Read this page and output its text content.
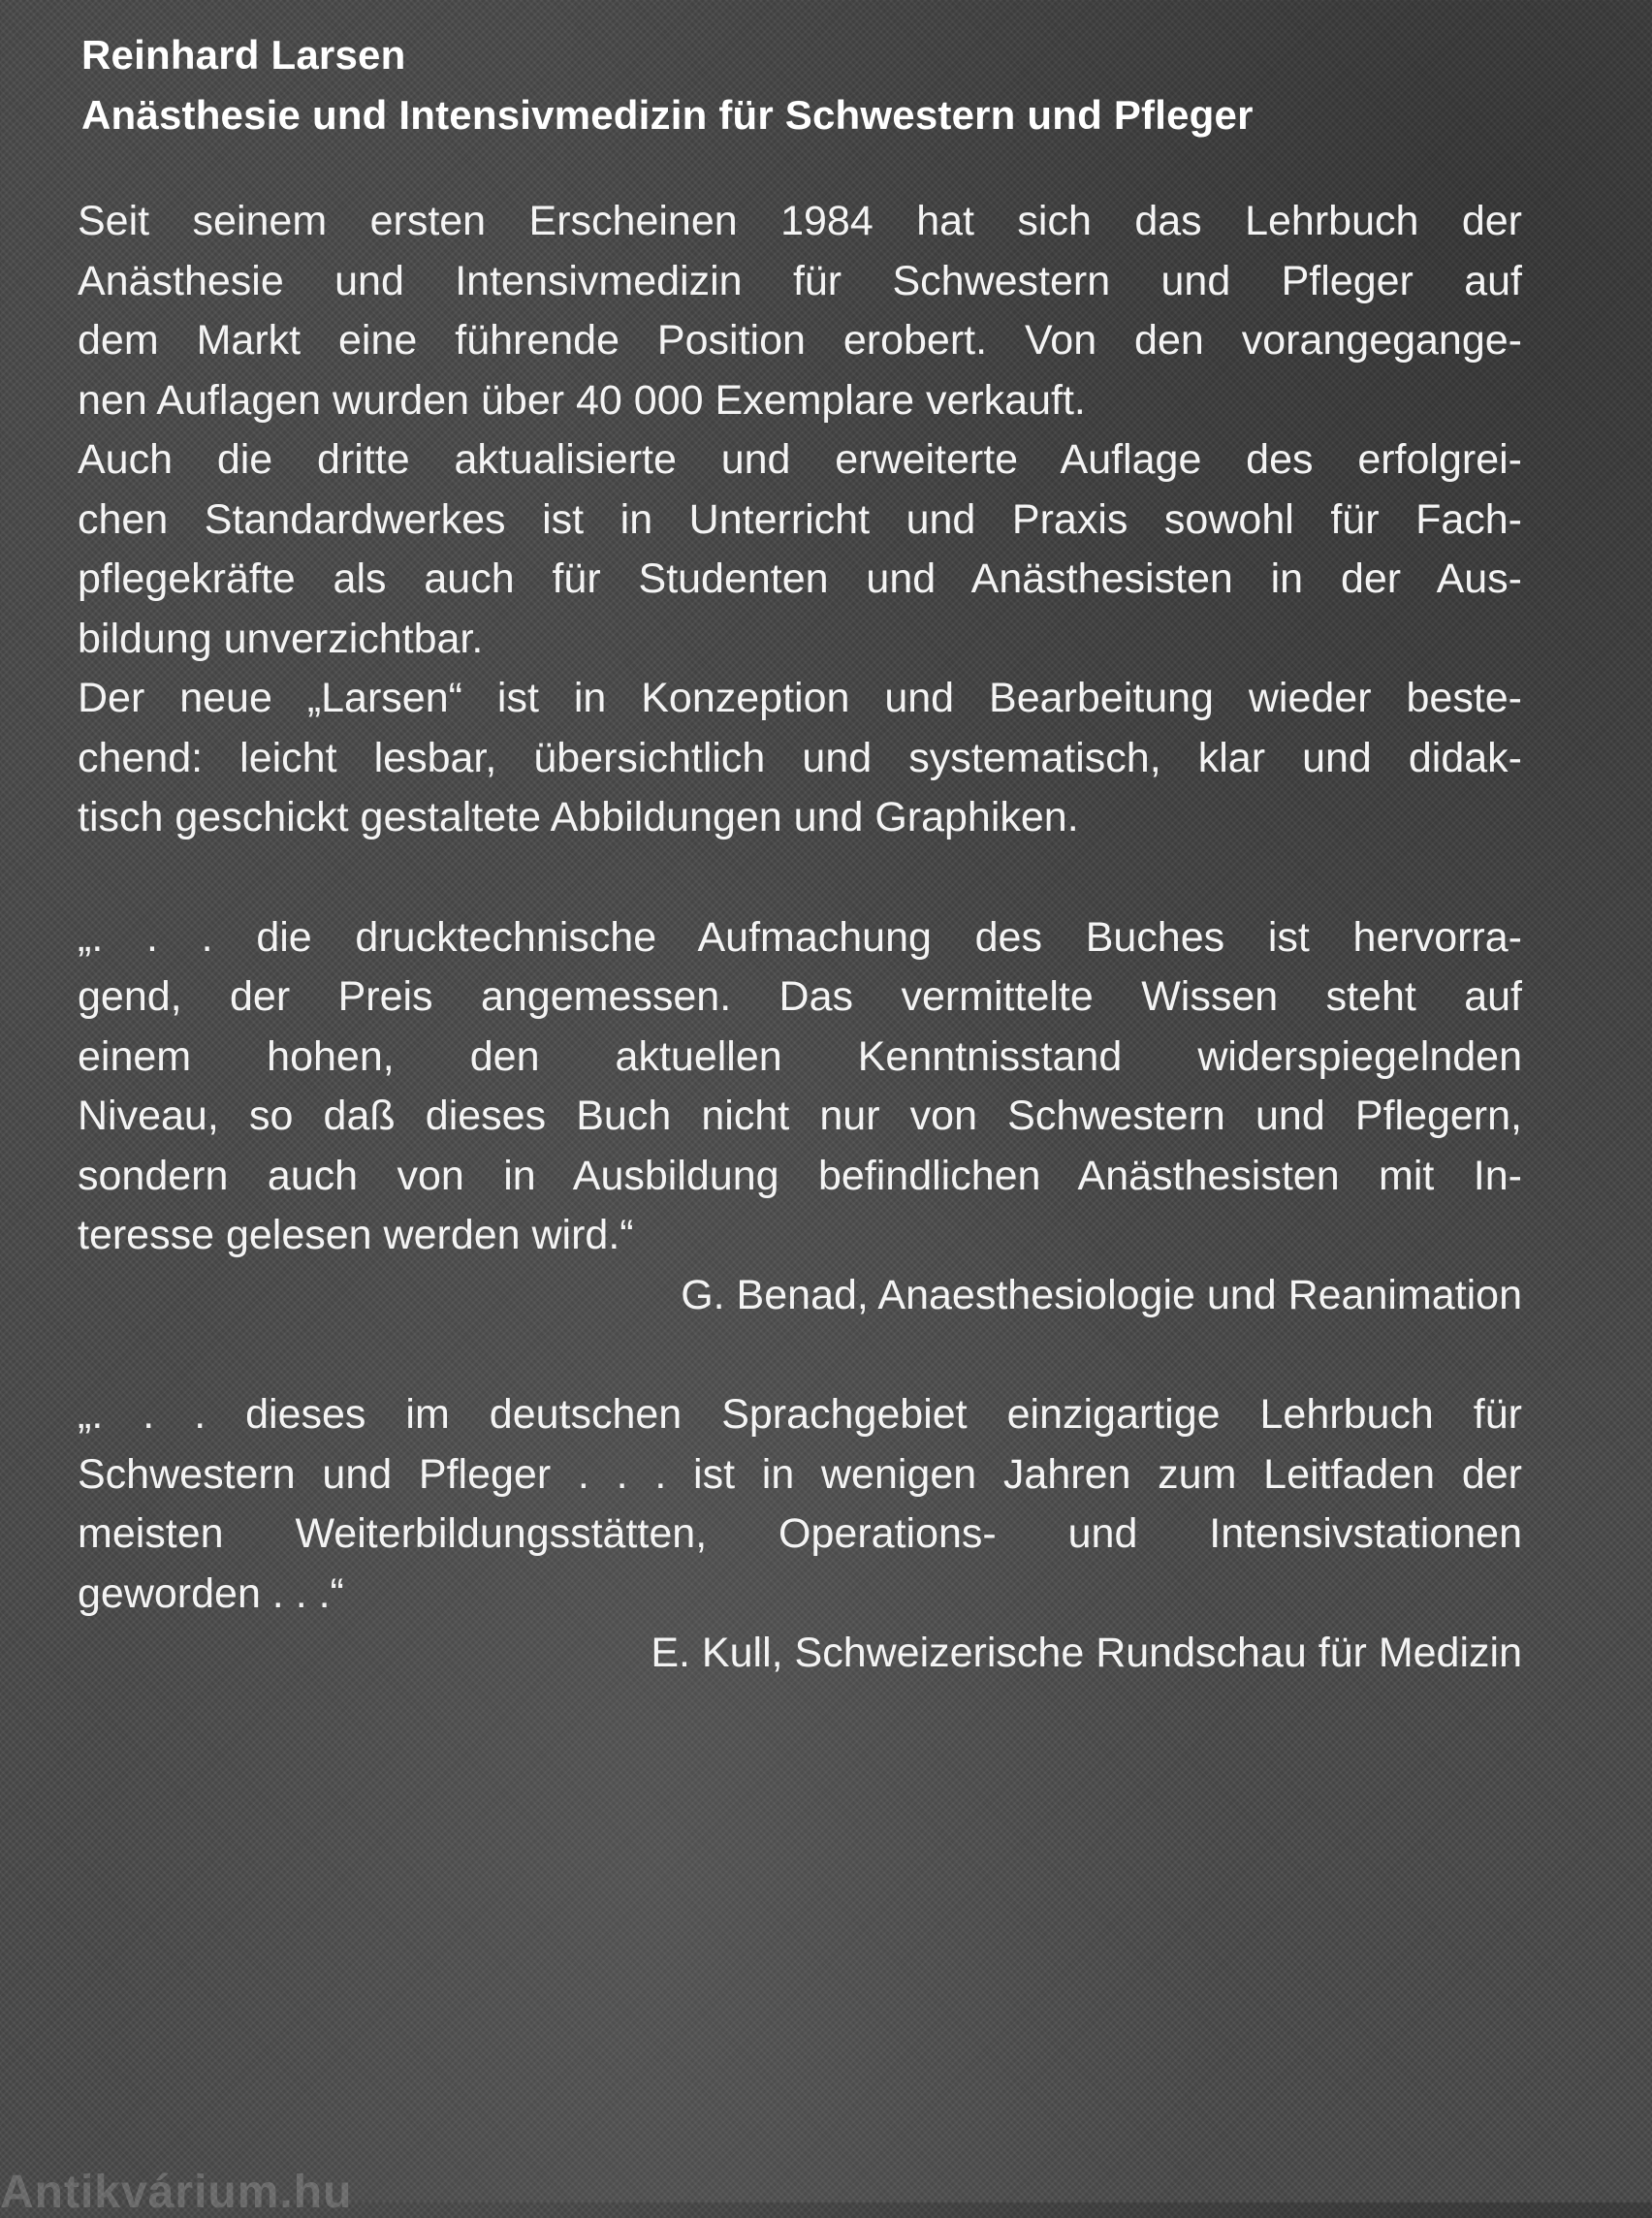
Reinhard Larsen
Anästhesie und Intensivmedizin für Schwestern und Pfleger

Seit seinem ersten Erscheinen 1984 hat sich das Lehrbuch der
Anästhesie und Intensivmedizin für Schwestern und Pfleger auf
dem Markt eine führende Position erobert. Von den vorangegange-
nen Auflagen wurden über 40 000 Exemplare verkauft.

Auch die dritte aktualisierte und erweiterte Auflage des erfolgrei-
chen Standardwerkes ist in Unterricht und Praxis sowohl für Fach-
pflegekräfte als auch für Studenten und Anästhesisten in der Aus-
bildung unverzichtbar.

Der neue „Larsen“ ist in Konzeption und Bearbeitung wieder beste-
chend: leicht lesbar, übersichtlich und systematisch, klar und didak-
tisch geschickt gestaltete Abbildungen und Graphiken.

„. . . die drucktechnische Aufmachung des Buches ist hervorra-
gend, der Preis angemessen. Das vermittelte Wissen steht auf
einem hohen, den aktuellen Kenntnisstand widerspiegelnden
Niveau, so daß dieses Buch nicht nur von Schwestern und Pflegern,
sondern auch von in Ausbildung befindlichen Anästhesisten mit In-
teresse gelesen werden wird.“

G. Benad, Anaesthesiologie und Reanimation

„. . . dieses im deutschen Sprachgebiet einzigartige Lehrbuch für
Schwestern und Pfleger . . . ist in wenigen Jahren zum Leitfaden der
meisten Weiterbildungsstätten, Operations- und Intensivstationen
geworden . . .“

E. Kull, Schweizerische Rundschau für Medizin
Antikvárium.hu
